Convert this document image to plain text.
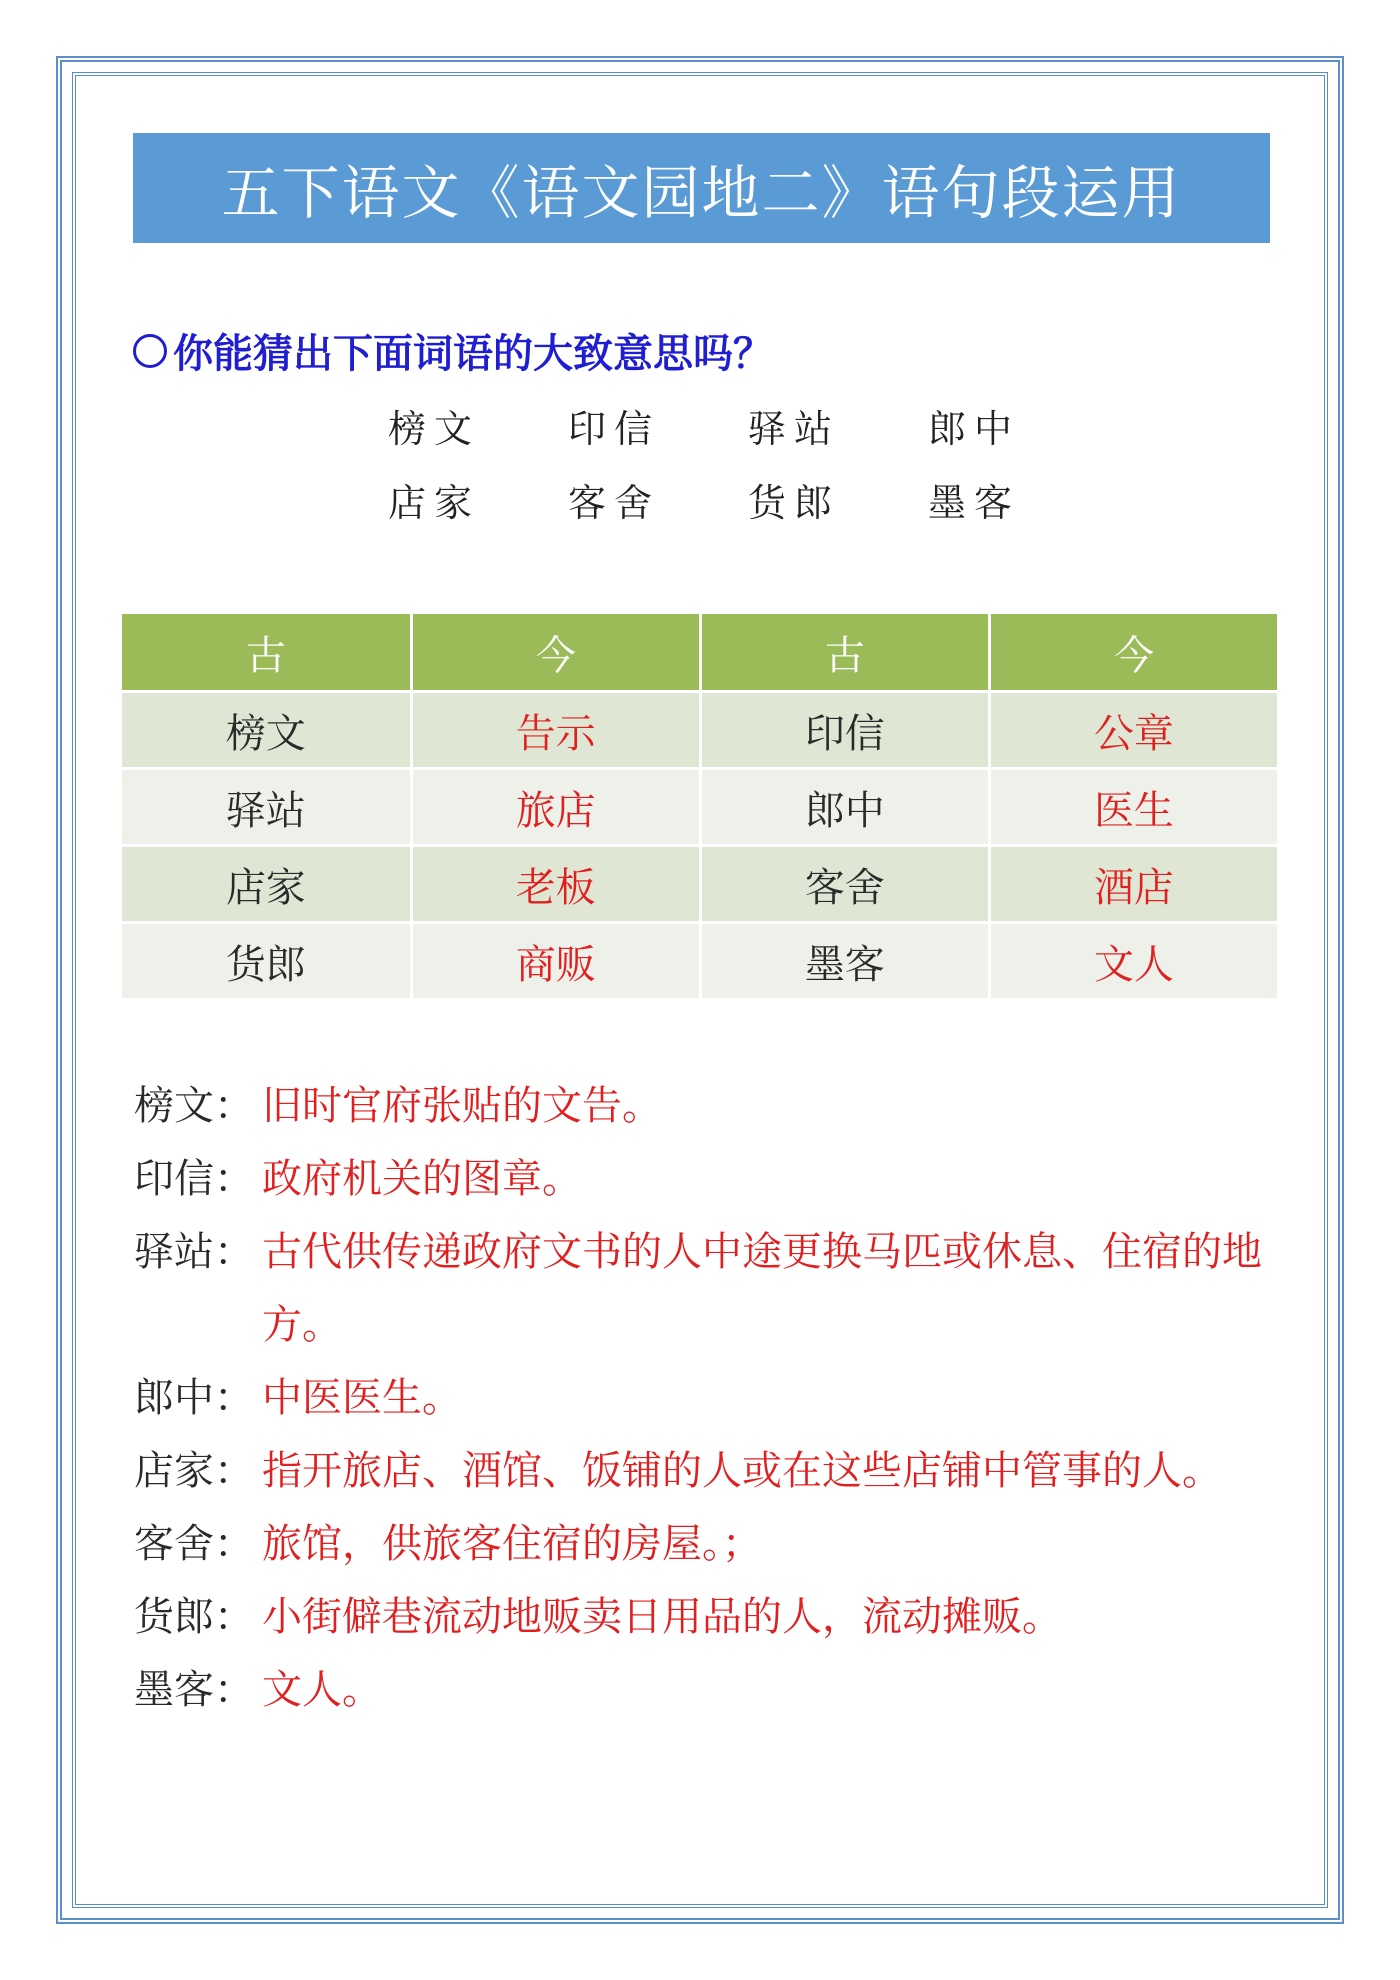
五下语文《语文园地二》语句段运用
你能猜出下面词语的大致意思吗？
榜文	印信	驿站	郎中
店家	客舍	货郎	墨客
古	今	古	今
榜文	告示	印信	公章
驿站	旅店	郎中	医生
店家	老板	客舍	酒店
货郎	商贩	墨客	文人
榜文： 旧时官府张贴的文告。
印信： 政府机关的图章。
驿站： 古代供传递政府文书的人中途更换马匹或休息、住宿的地方。
郎中： 中医医生。
店家： 指开旅店、酒馆、饭铺的人或在这些店铺中管事的人。
客舍： 旅馆，供旅客住宿的房屋。；
货郎： 小街僻巷流动地贩卖日用品的人，流动摊贩。
墨客： 文人。
